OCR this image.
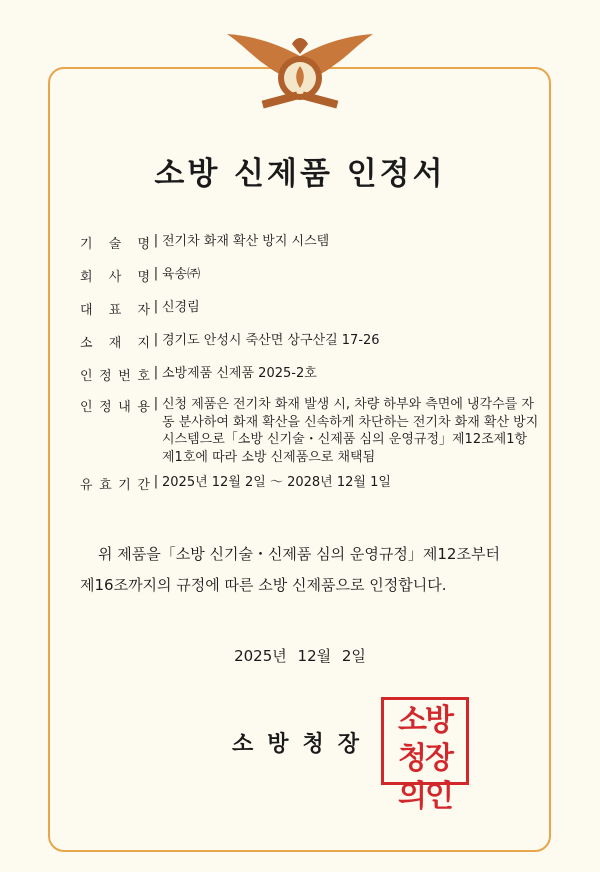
소방 신제품 인정서
기 술 명 | 전기차 화재 확산 방지 시스템
회 사 명 | 육송㈜
대 표 자 | 신경림
소 재 지 | 경기도 안성시 죽산면 상구산길 17-26
인 정 번 호 | 소방제품 신제품 2025-2호
인 정 내 용 | 신청 제품은 전기차 화재 발생 시, 차량 하부와 측면에 냉각수를 자동 분사하여 화재 확산을 신속하게 차단하는 전기차 화재 확산 방지 시스템으로「소방 신기술・신제품 심의 운영규정」제12조제1항 제1호에 따라 소방 신제품으로 채택됨
유 효 기 간 | 2025년 12월 2일 ～ 2028년 12월 1일
위 제품을「소방 신기술・신제품 심의 운영규정」제12조부터
제16조까지의 규정에 따른 소방 신제품으로 인정합니다.
2025년 12월 2일
소방청장
소방청장의인
